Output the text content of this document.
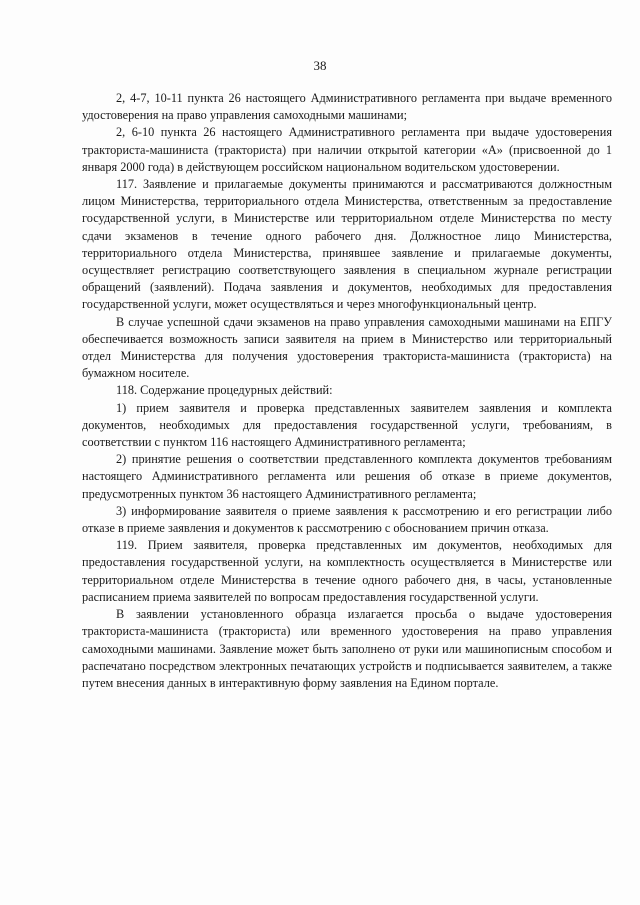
38

2, 4-7, 10-11 пункта 26 настоящего Административного регламента при выдаче временного удостоверения на право управления самоходными машинами;

2, 6-10 пункта 26 настоящего Административного регламента при выдаче удостоверения тракториста-машиниста (тракториста) при наличии открытой категории «А» (присвоенной до 1 января 2000 года) в действующем российском национальном водительском удостоверении.

117. Заявление и прилагаемые документы принимаются и рассматриваются должностным лицом Министерства, территориального отдела Министерства, ответственным за предоставление государственной услуги, в Министерстве или территориальном отделе Министерства по месту сдачи экзаменов в течение одного рабочего дня. Должностное лицо Министерства, территориального отдела Министерства, принявшее заявление и прилагаемые документы, осуществляет регистрацию соответствующего заявления в специальном журнале регистрации обращений (заявлений). Подача заявления и документов, необходимых для предоставления государственной услуги, может осуществляться и через многофункциональный центр.

В случае успешной сдачи экзаменов на право управления самоходными машинами на ЕПГУ обеспечивается возможность записи заявителя на прием в Министерство или территориальный отдел Министерства для получения удостоверения тракториста-машиниста (тракториста) на бумажном носителе.

118. Содержание процедурных действий:

1) прием заявителя и проверка представленных заявителем заявления и комплекта документов, необходимых для предоставления государственной услуги, требованиям, в соответствии с пунктом 116 настоящего Административного регламента;

2) принятие решения о соответствии представленного комплекта документов требованиям настоящего Административного регламента или решения об отказе в приеме документов, предусмотренных пунктом 36 настоящего Административного регламента;

3) информирование заявителя о приеме заявления к рассмотрению и его регистрации либо отказе в приеме заявления и документов к рассмотрению с обоснованием причин отказа.

119. Прием заявителя, проверка представленных им документов, необходимых для предоставления государственной услуги, на комплектность осуществляется в Министерстве или территориальном отделе Министерства в течение одного рабочего дня, в часы, установленные расписанием приема заявителей по вопросам предоставления государственной услуги.

В заявлении установленного образца излагается просьба о выдаче удостоверения тракториста-машиниста (тракториста) или временного удостоверения на право управления самоходными машинами. Заявление может быть заполнено от руки или машинописным способом и распечатано посредством электронных печатающих устройств и подписывается заявителем, а также путем внесения данных в интерактивную форму заявления на Едином портале.
